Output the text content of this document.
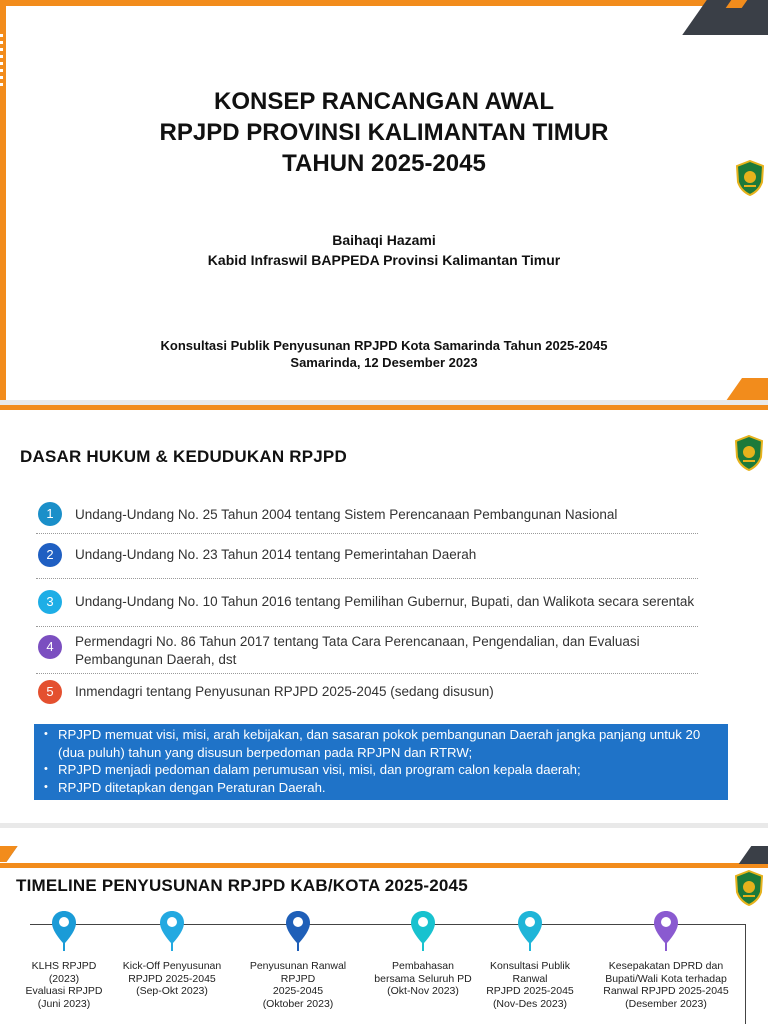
KONSEP RANCANGAN AWAL
RPJPD PROVINSI KALIMANTAN TIMUR
TAHUN 2025-2045
Baihaqi Hazami
Kabid Infraswil BAPPEDA Provinsi Kalimantan Timur
Konsultasi Publik Penyusunan RPJPD Kota Samarinda Tahun 2025-2045
Samarinda, 12 Desember 2023
DASAR HUKUM & KEDUDUKAN RPJPD
1	Undang-Undang No. 25 Tahun 2004 tentang Sistem Perencanaan Pembangunan Nasional
2	Undang-Undang No. 23 Tahun 2014 tentang Pemerintahan Daerah
3	Undang-Undang No. 10 Tahun 2016 tentang Pemilihan Gubernur, Bupati, dan Walikota secara serentak
4	Permendagri No. 86 Tahun 2017 tentang Tata Cara Perencanaan, Pengendalian, dan Evaluasi Pembangunan Daerah, dst
5	Inmendagri tentang Penyusunan RPJPD 2025-2045 (sedang disusun)
• RPJPD memuat visi, misi, arah kebijakan, dan sasaran pokok pembangunan Daerah jangka panjang untuk 20 (dua puluh) tahun yang disusun berpedoman pada RPJPN dan RTRW;
• RPJPD menjadi pedoman dalam perumusan visi, misi, dan program calon kepala daerah;
• RPJPD ditetapkan dengan Peraturan Daerah.
TIMELINE PENYUSUNAN RPJPD KAB/KOTA 2025-2045
KLHS RPJPD
(2023)
Evaluasi RPJPD
(Juni 2023)
Kick-Off Penyusunan
RPJPD 2025-2045
(Sep-Okt 2023)
Penyusunan Ranwal RPJPD
2025-2045
(Oktober 2023)
Pembahasan
bersama Seluruh PD
(Okt-Nov 2023)
Konsultasi Publik
Ranwal
RPJPD 2025-2045
(Nov-Des 2023)
Kesepakatan DPRD dan
Bupati/Wali Kota terhadap
Ranwal RPJPD 2025-2045
(Desember 2023)
